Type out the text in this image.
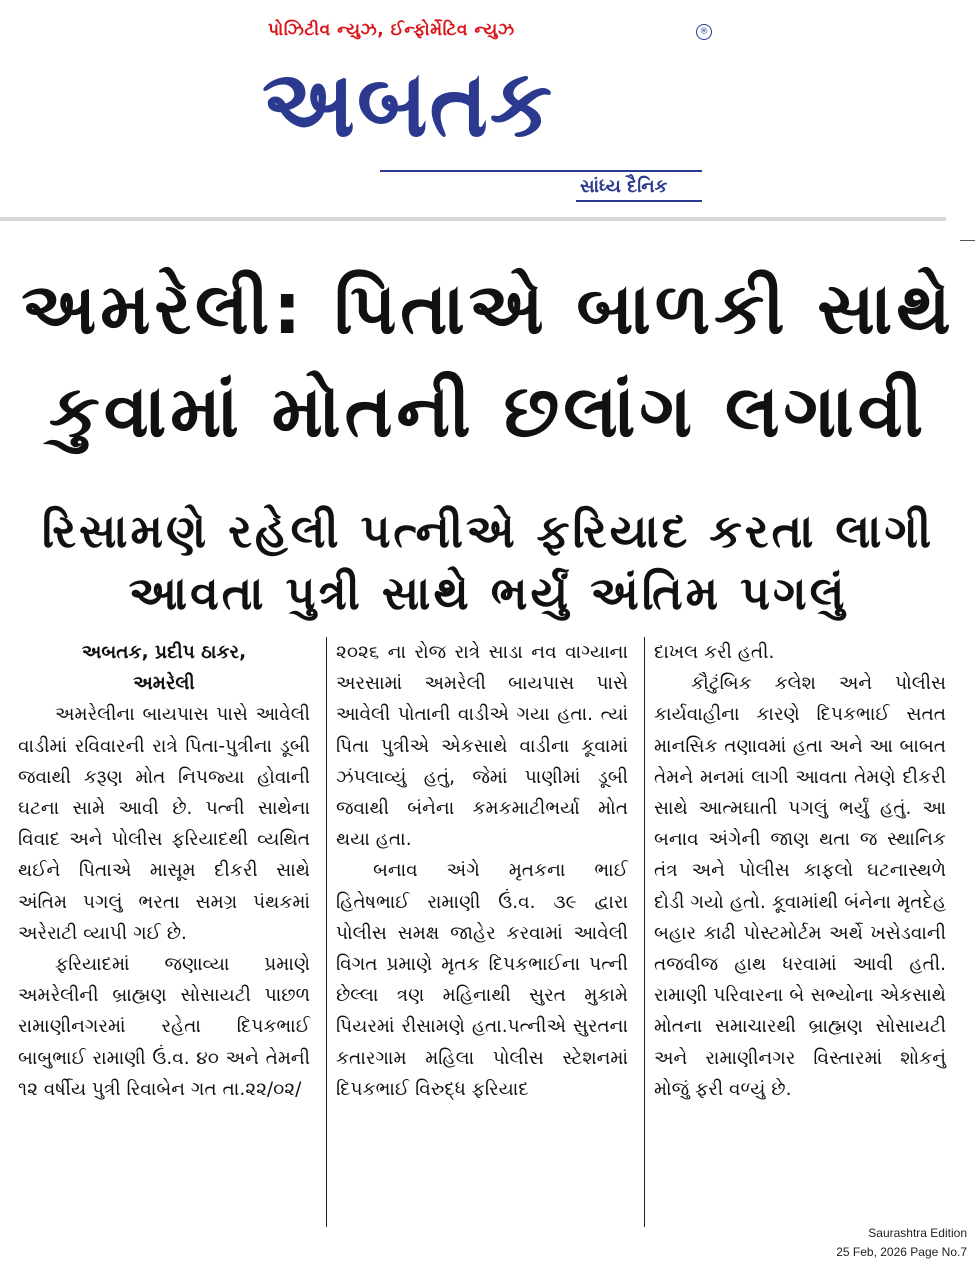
પોઝિટીવ ન્યુઝ, ઈન્ફોર્મેટિવ ન્યુઝ
અબતક
®
સાંધ્ય દૈનિક
અમરેલી: પિતાએ બાળકી સાથે
કુવામાં મોતની છલાંગ લગાવી
રિસામણે રહેલી પત્નીએ ફરિયાદ કરતા લાગી
આવતા પુત્રી સાથે ભર્યું અંતિમ પગલું
અબતક, પ્રદીપ ઠાકર,
અમરેલી

અમરેલીના બાયપાસ પાસે આવેલી વાડીમાં રવિવારની રાત્રે પિતા-પુત્રીના ડૂબી જવાથી કરૂણ મોત નિપજ્યા હોવાની ઘટના સામે આવી છે. પત્ની સાથેના વિવાદ અને પોલીસ ફરિયાદથી વ્યથિત થઈને પિતાએ માસૂમ દીકરી સાથે અંતિમ પગલું ભરતા સમગ્ર પંથકમાં અરેરાટી વ્યાપી ગઈ છે.

ફરિયાદમાં જણાવ્યા પ્રમાણે અમરેલીની બ્રાહ્મણ સોસાયટી પાછળ રામાણીનગરમાં રહેતા દિપકભાઈ બાબુભાઈ રામાણી ઉં.વ. ૪૦ અને તેમની ૧૨ વર્ષીય પુત્રી રિવાબેન ગત તા.૨૨/૦૨/

૨૦૨૬ ના રોજ રાત્રે સાડા નવ વાગ્યાના અરસામાં અમરેલી બાયપાસ પાસે આવેલી પોતાની વાડીએ ગયા હતા. ત્યાં પિતા પુત્રીએ એકસાથે વાડીના કૂવામાં ઝંપલાવ્યું હતું, જેમાં પાણીમાં ડૂબી જવાથી બંનેના કમકમાટીભર્યા મોત થયા હતા.

બનાવ અંગે મૃતકના ભાઈ હિતેષભાઈ રામાણી ઉં.વ. ૩૯ દ્વારા પોલીસ સમક્ષ જાહેર કરવામાં આવેલી વિગત પ્રમાણે મૃતક દિપકભાઈના પત્ની છેલ્લા ત્રણ મહિનાથી સુરત મુકામે પિયરમાં રીસામણે હતા.પત્નીએ સુરતના કતારગામ મહિલા પોલીસ સ્ટેશનમાં દિપકભાઈ વિરુદ્ધ ફરિયાદ

દાખલ કરી હતી.

કૌટુંબિક કલેશ અને પોલીસ કાર્યવાહીના કારણે દિપકભાઈ સતત માનસિક તણાવમાં હતા અને આ બાબત તેમને મનમાં લાગી આવતા તેમણે દીકરી સાથે આત્મઘાતી પગલું ભર્યું હતું. આ બનાવ અંગેની જાણ થતા જ સ્થાનિક તંત્ર અને પોલીસ કાફલો ઘટનાસ્થળે દોડી ગયો હતો. કૂવામાંથી બંનેના મૃતદેહ બહાર કાઢી પોસ્ટમોર્ટમ અર્થે ખસેડવાની તજવીજ હાથ ધરવામાં આવી હતી. રામાણી પરિવારના બે સભ્યોના એકસાથે મોતના સમાચારથી બ્રાહ્મણ સોસાયટી અને રામાણીનગર વિસ્તારમાં શોકનું મોજું ફરી વળ્યું છે.

Saurashtra Edition
25 Feb, 2026 Page No.7
